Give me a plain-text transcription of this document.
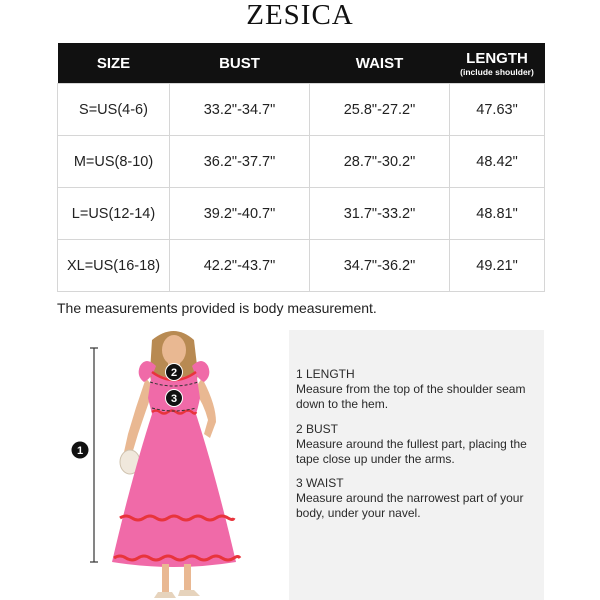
ZESICA
SIZE	BUST	WAIST	LENGTH
(include shoulder)

S=US(4-6)	33.2"-34.7"	25.8"-27.2"	47.63"
M=US(8-10)	36.2"-37.7"	28.7"-30.2"	48.42"
L=US(12-14)	39.2"-40.7"	31.7"-33.2"	48.81"
XL=US(16-18)	42.2"-43.7"	34.7"-36.2"	49.21"
The measurements provided is body measurement.
1
2
3
1 LENGTH
Measure from the top of the shoulder seam down to the hem.
2 BUST
Measure around the fullest part, placing the tape close up under the arms.
3 WAIST
Measure around the narrowest part of your body, under your navel.
